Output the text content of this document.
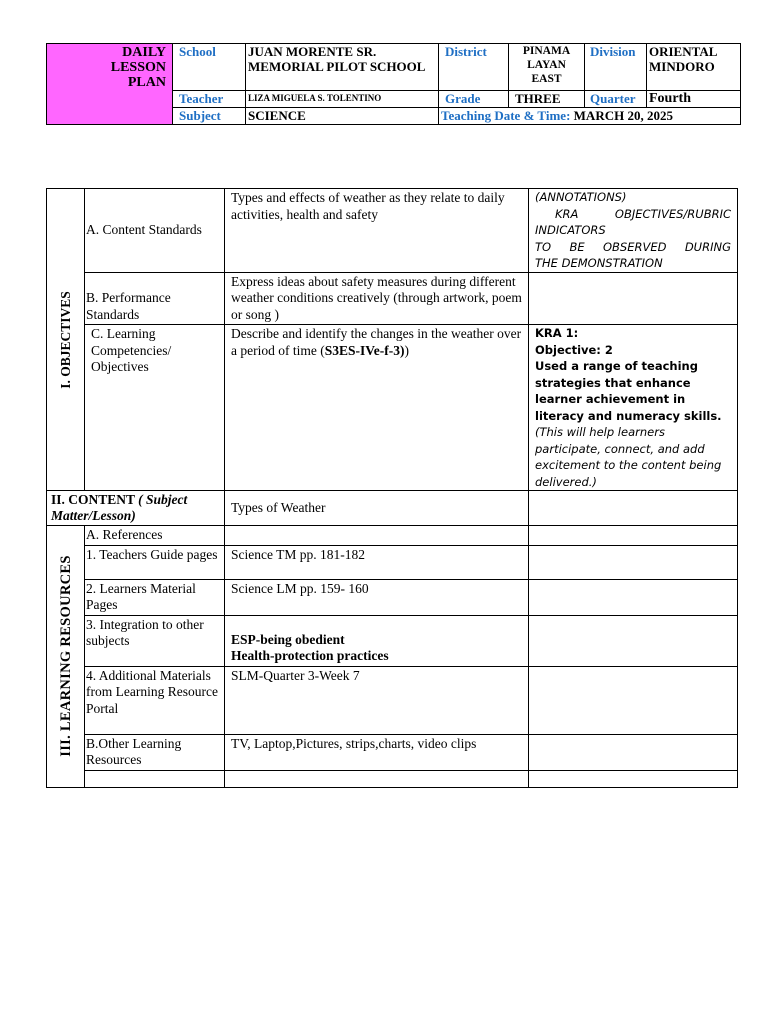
DAILY
LESSON
PLAN	School	JUAN MORENTE SR. MEMORIAL PILOT SCHOOL	District	PINAMA LAYAN EAST	Division	ORIENTAL MINDORO
	Teacher	LIZA MIGUELA S. TOLENTINO	Grade	THREE	Quarter	Fourth
	Subject	SCIENCE	Teaching Date & Time: MARCH 20, 2025			
I. OBJECTIVES	A. Content Standards	Types and effects of weather as they relate to daily activities, health and safety	(ANNOTATIONS)
KRA OBJECTIVES/RUBRIC
INDICATORS
TO BE OBSERVED DURING
THE DEMONSTRATION

	B. Performance Standards	Express ideas about safety measures during different weather conditions creatively (through artwork, poem or song )	
	C. Learning Competencies/ Objectives	Describe and identify the changes in the weather over a period of time (S3ES-IVe-f-3))	KRA 1:
Objective: 2
Used a range of teaching strategies that enhance learner achievement in literacy and numeracy skills.
(This will help learners participate, connect, and add excitement to the content being delivered.)

II. CONTENT ( Subject Matter/Lesson)		Types of Weather	

III. LEARNING RESOURCES	A. References		
	1. Teachers Guide pages	Science TM pp. 181-182	
	2. Learners Material Pages	Science LM pp. 159- 160	
	3. Integration to other subjects	ESP-being obedient
Health-protection practices	

	4. Additional Materials from Learning Resource Portal	SLM-Quarter 3-Week 7	
	B.Other Learning Resources	TV, Laptop,Pictures, strips,charts, video clips	
